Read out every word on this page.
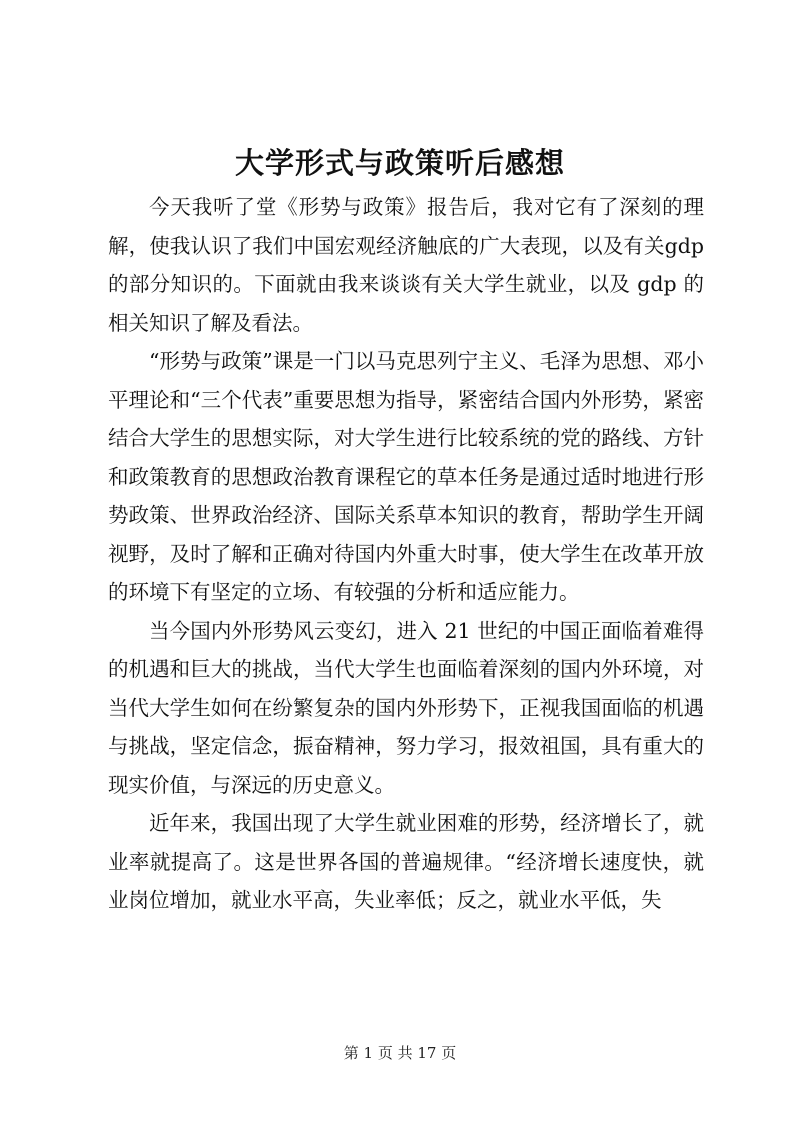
大学形式与政策听后感想

今天我听了堂《形势与政策》报告后，我对它有了深刻的理解，使我认识了我们中国宏观经济触底的广大表现，以及有关gdp的部分知识的。下面就由我来谈谈有关大学生就业，以及 gdp 的相关知识了解及看法。

“形势与政策”课是一门以马克思列宁主义、毛泽为思想、邓小平理论和“三个代表”重要思想为指导，紧密结合国内外形势，紧密结合大学生的思想实际，对大学生进行比较系统的党的路线、方针和政策教育的思想政治教育课程它的草本任务是通过适时地进行形势政策、世界政治经济、国际关系草本知识的教育，帮助学生开阔视野，及时了解和正确对待国内外重大时事，使大学生在改革开放的环境下有坚定的立场、有较强的分析和适应能力。

当今国内外形势风云变幻，进入 21 世纪的中国正面临着难得的机遇和巨大的挑战，当代大学生也面临着深刻的国内外环境，对当代大学生如何在纷繁复杂的国内外形势下，正视我国面临的机遇与挑战，坚定信念，振奋精神，努力学习，报效祖国，具有重大的现实价值，与深远的历史意义。

近年来，我国出现了大学生就业困难的形势，经济增长了，就业率就提高了。这是世界各国的普遍规律。“经济增长速度快，就业岗位增加，就业水平高，失业率低；反之，就业水平低，失

第 1 页 共 17 页
